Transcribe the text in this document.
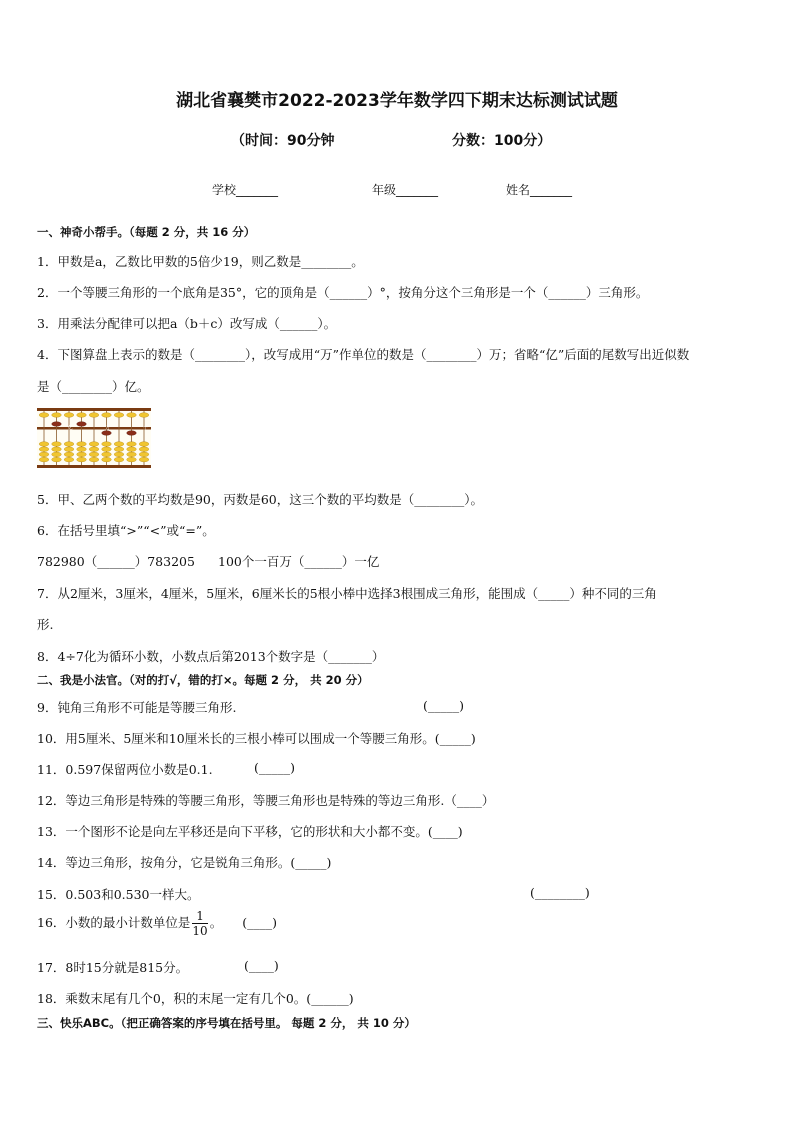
湖北省襄樊市2022-2023学年数学四下期末达标测试试题
（时间：90分钟	分数：100分）
学校_______	年级_______	姓名_______
一、神奇小帮手。（每题 2 分，共 16 分）
1．甲数是a，乙数比甲数的5倍少19，则乙数是________。
2．一个等腰三角形的一个底角是35°，它的顶角是（______）°，按角分这个三角形是一个（______）三角形。
3．用乘法分配律可以把a（b＋c）改写成（______）。
4．下图算盘上表示的数是（________），改写成用“万”作单位的数是（________）万；省略“亿”后面的尾数写出近似数
是（________）亿。
亿	万	个
5．甲、乙两个数的平均数是90，丙数是60，这三个数的平均数是（________）。
6．在括号里填“>”“<”或“=”。
782980（______）783205 100个一百万（______）一亿
7．从2厘米，3厘米，4厘米，5厘米，6厘米长的5根小棒中选择3根围成三角形，能围成（_____）种不同的三角
形.
8．4÷7化为循环小数，小数点后第2013个数字是（_______）
二、我是小法官。（对的打√，错的打×。每题 2 分， 共 20 分）
9．钝角三角形不可能是等腰三角形.	(_____)
10．用5厘米、5厘米和10厘米长的三根小棒可以围成一个等腰三角形。(_____)
11．0.597保留两位小数是0.1.	(_____)
12．等边三角形是特殊的等腰三角形，等腰三角形也是特殊的等边三角形.（____）
13．一个图形不论是向左平移还是向下平移，它的形状和大小都不变。(____)
14．等边三角形，按角分，它是锐角三角形。(_____)
15．0.503和0.530一样大。	(________)
16．小数的最小计数单位是 $\frac{1}{10}$ 。 (____)
17．8时15分就是815分。	(____)
18．乘数末尾有几个0，积的末尾一定有几个0。(______)
三、快乐ABC。（把正确答案的序号填在括号里。 每题 2 分， 共 10 分）
